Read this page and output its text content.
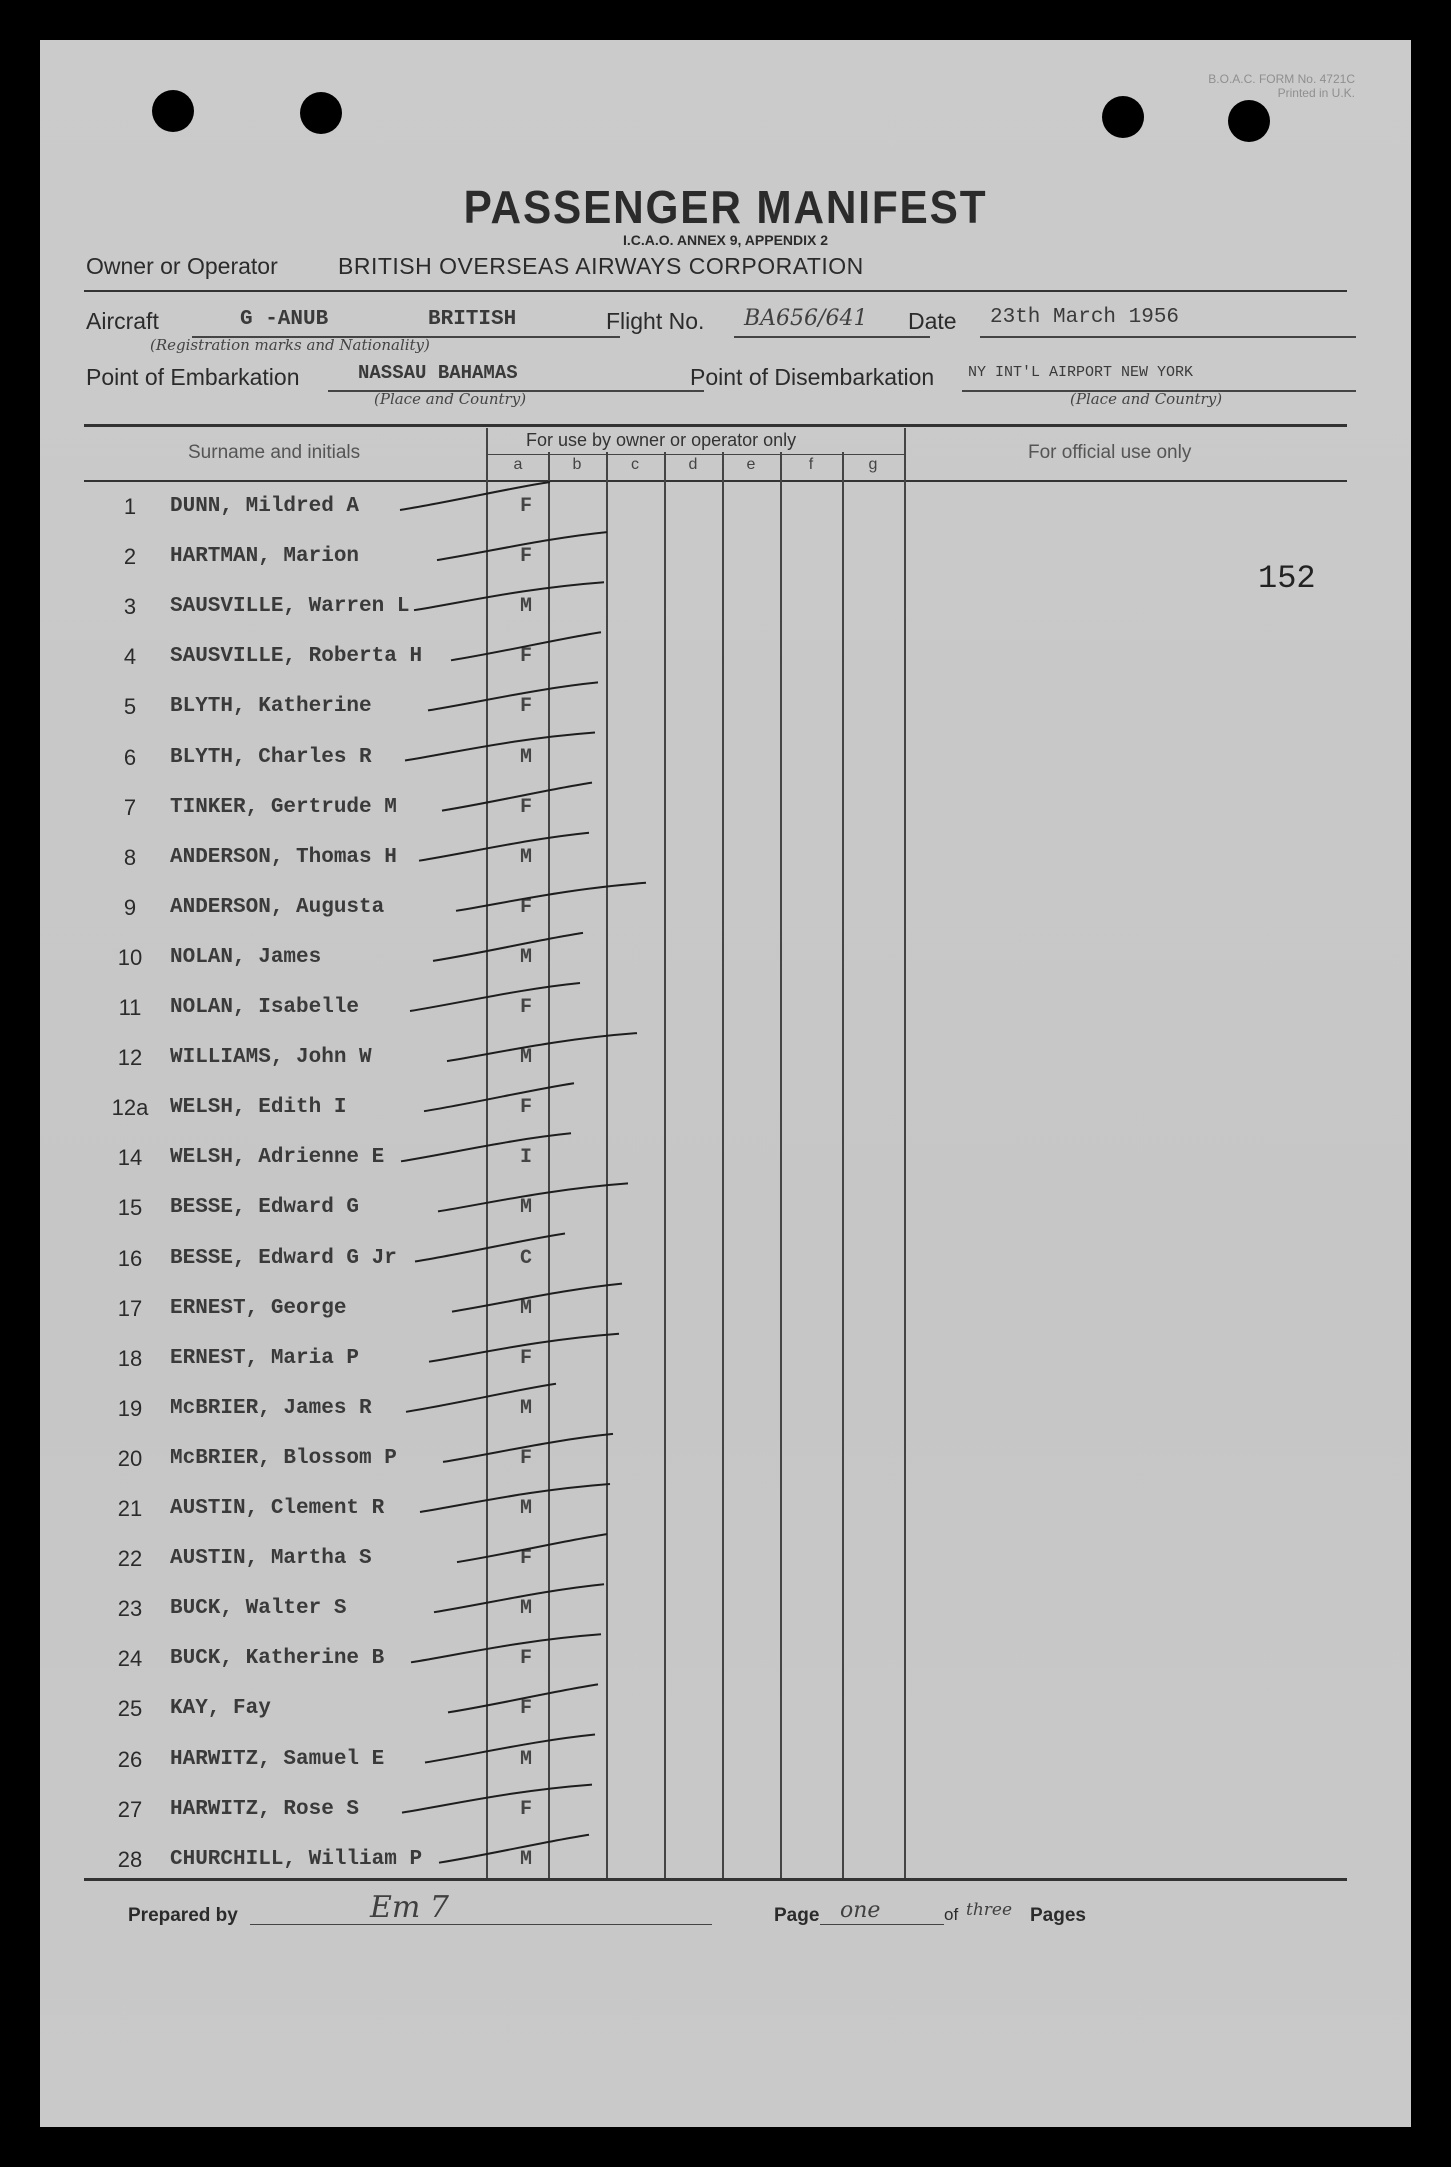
B.O.A.C. FORM No. 4721C
Printed in U.K.
PASSENGER MANIFEST
I.C.A.O. ANNEX 9, APPENDIX 2
Owner or Operator	BRITISH OVERSEAS AIRWAYS CORPORATION
Aircraft	G -ANUB	BRITISH
(Registration marks and Nationality)
Flight No. BA656/641 Date 23th March 1956
Point of Embarkation	NASSAU BAHAMAS
(Place and Country)
Point of Disembarkation NY INT'L AIRPORT NEW YORK
(Place and Country)
Surname and initials
For use by owner or operator only
For official use only
a	b	c	d	e	f	g
1	DUNN, Mildred A	F
2	HARTMAN, Marion	F
3	SAUSVILLE, Warren L	M
4	SAUSVILLE, Roberta H	F
5	BLYTH, Katherine	F
6	BLYTH, Charles R	M
7	TINKER, Gertrude M	F
8	ANDERSON, Thomas H	M
9	ANDERSON, Augusta	F
10	NOLAN, James	M
11	NOLAN, Isabelle	F
12	WILLIAMS, John W	M
12a	WELSH, Edith I	F
14	WELSH, Adrienne E	I
15	BESSE, Edward G	M
16	BESSE, Edward G Jr	C
17	ERNEST, George	M
18	ERNEST, Maria P	F
19	McBRIER, James R	M
20	McBRIER, Blossom P	F
21	AUSTIN, Clement R	M
22	AUSTIN, Martha S	F
23	BUCK, Walter S	M
24	BUCK, Katherine B	F
25	KAY, Fay	F
26	HARWITZ, Samuel E	M
27	HARWITZ, Rose S	F
28	CHURCHILL, William P	M
152
Prepared by	Em 7	Page one	of three Pages
